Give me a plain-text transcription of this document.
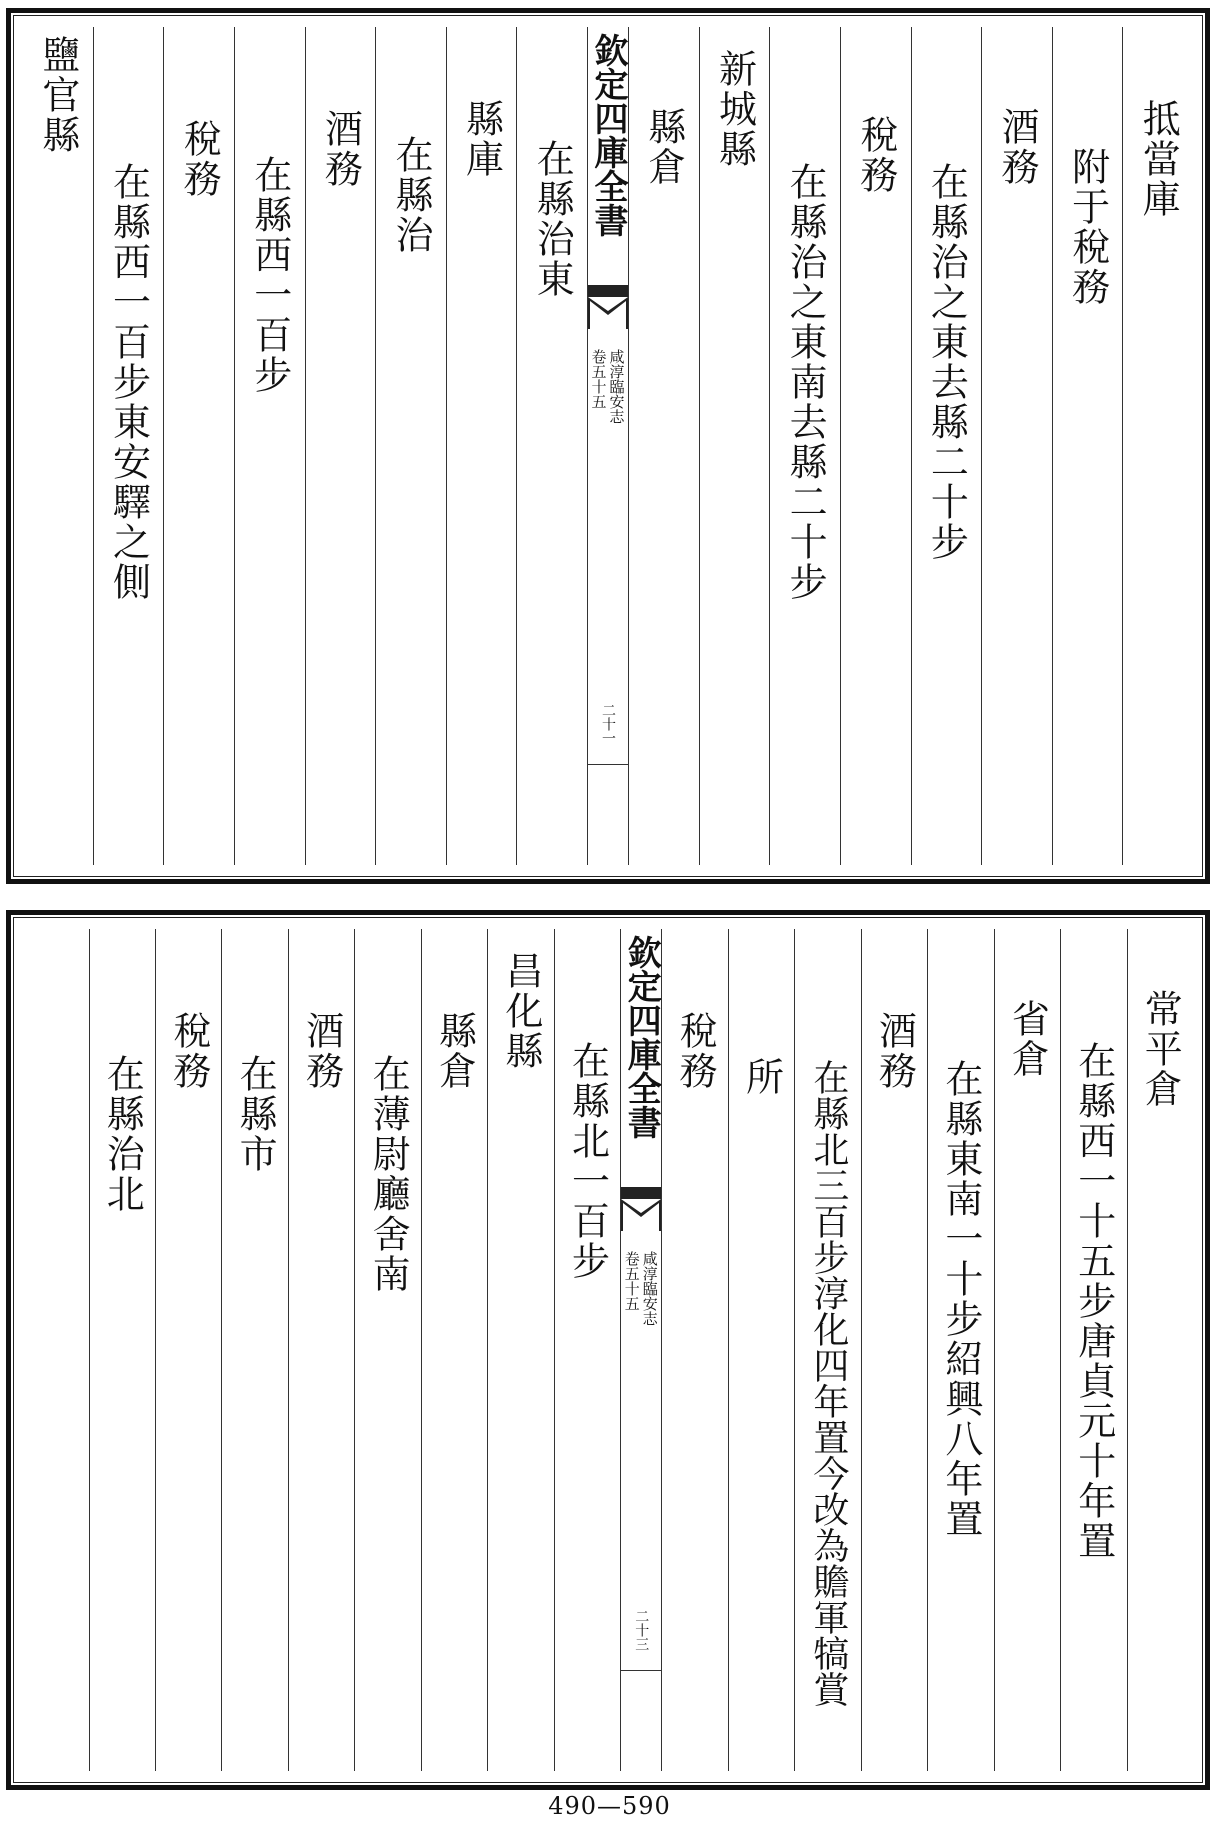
抵當庫
附于稅務
酒務
在縣治之東去縣二十步
稅務
在縣治之東南去縣二十步
新城縣
縣倉
欽定四庫全書
咸淳臨安志
二十一
卷五十五
在縣治東
縣庫
在縣治
酒務
在縣西一百步
稅務
在縣西一百步東安驛之側
鹽官縣
常平倉
在縣西一十五步唐貞元十年置
省倉
在縣東南一十步紹興八年置
酒務
在縣北三百步淳化四年置今改為贍軍犒賞
所
稅務
欽定四庫全書
咸淳臨安志
二十三
卷五十五
在縣北一百步
昌化縣
縣倉
在薄尉廳舍南
酒務
在縣市
稅務
在縣治北
490—590
